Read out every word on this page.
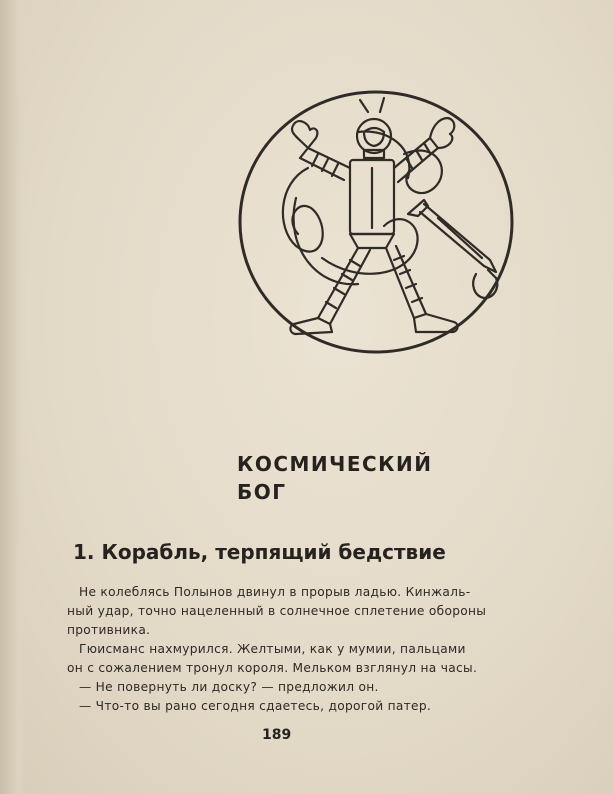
КОСМИЧЕСКИЙ
БОГ
1. Корабль, терпящий бедствие
Не колеблясь Полынов двинул в прорыв ладью. Кинжаль-
ный удар, точно нацеленный в солнечное сплетение обороны
противника.
Гюисманс нахмурился. Желтыми, как у мумии, пальцами
он с сожалением тронул короля. Мельком взглянул на часы.
— Не повернуть ли доску? — предложил он.
— Что-то вы рано сегодня сдаетесь, дорогой патер.
189
